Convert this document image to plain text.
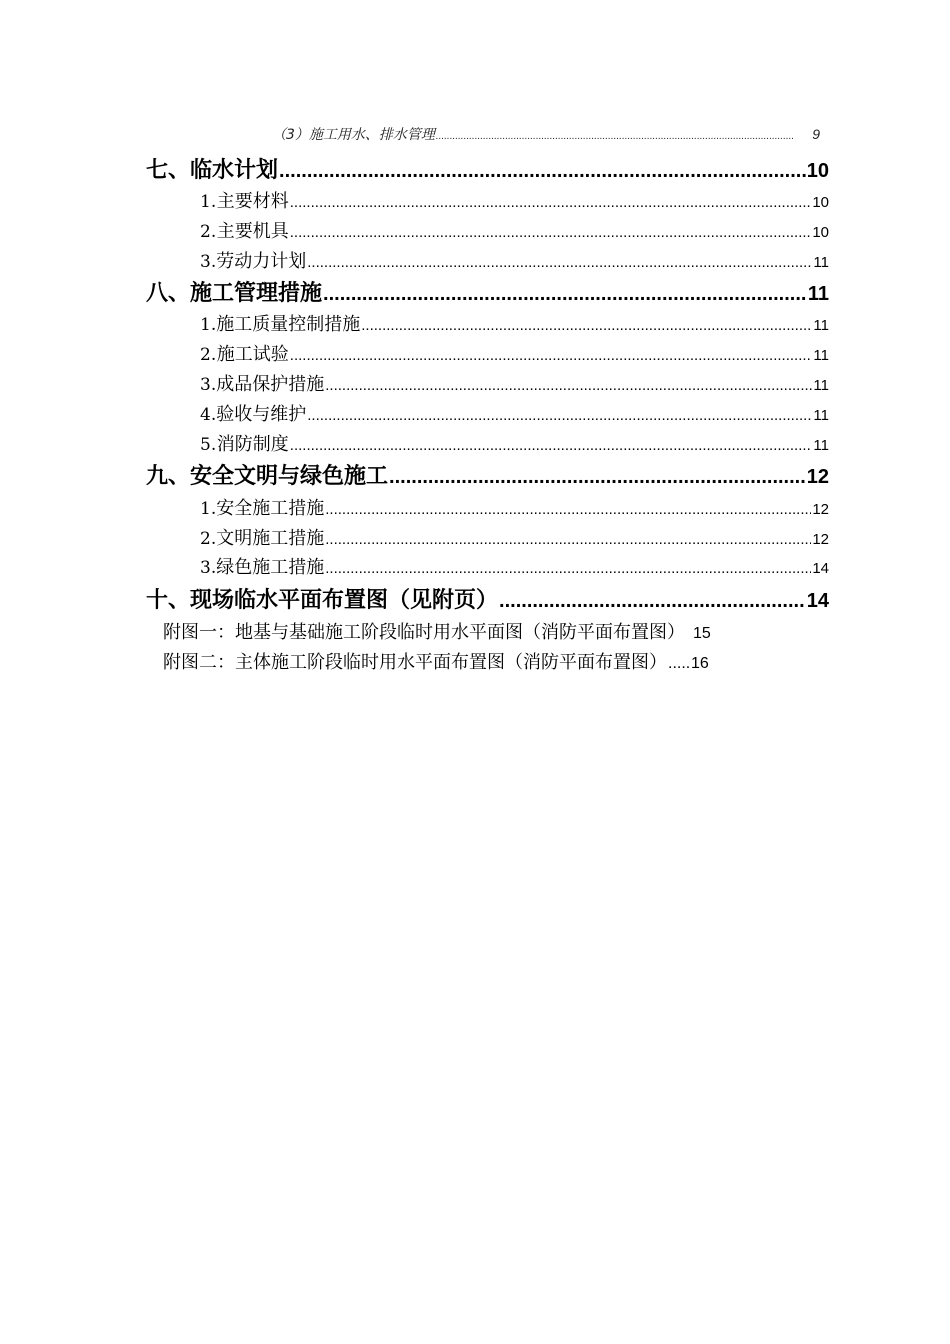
（3） 施工用水、排水管理 .....	9
七、 临水计划 .....	10
1. 主要材料 .....	10
2. 主要机具 .....	10
3. 劳动力计划 .....	11
八、 施工管理措施 .....	11
1. 施工质量控制措施 .....	11
2. 施工试验 .....	11
3. 成品保护措施 .....	11
4. 验收与维护 .....	11
5. 消防制度 .....	11
九、 安全文明与绿色施工 .....	12
1. 安全施工措施 .....	12
2. 文明施工措施 .....	12
3. 绿色施工措施 .....	14
十、 现场临水平面布置图（见附页） .....	14
附图一：地基与基础施工阶段临时用水平面图（消防平面布置图） 15
附图二：主体施工阶段临时用水平面布置图（消防平面布置图） ..... 16
